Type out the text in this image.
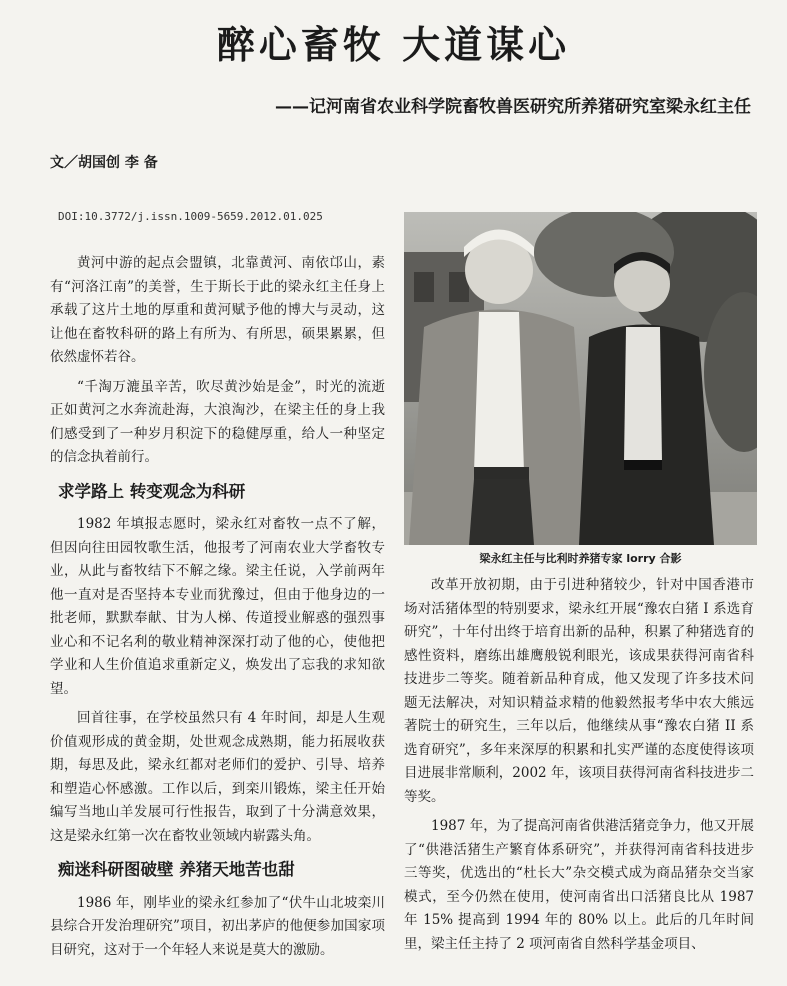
醉心畜牧 大道谋心
——记河南省农业科学院畜牧兽医研究所养猪研究室梁永红主任
文／胡国创 李 备
DOI:10.3772/j.issn.1009-5659.2012.01.025

黄河中游的起点会盟镇，北靠黄河、南依邙山，素有“河洛江南”的美誉，生于斯长于此的梁永红主任身上承载了这片土地的厚重和黄河赋予他的博大与灵动，这让他在畜牧科研的路上有所为、有所思，硕果累累，但依然虚怀若谷。

“千淘万漉虽辛苦，吹尽黄沙始是金”，时光的流逝正如黄河之水奔流赴海，大浪淘沙，在梁主任的身上我们感受到了一种岁月积淀下的稳健厚重，给人一种坚定的信念执着前行。

求学路上 转变观念为科研

1982 年填报志愿时，梁永红对畜牧一点不了解，但因向往田园牧歌生活，他报考了河南农业大学畜牧专业，从此与畜牧结下不解之缘。梁主任说，入学前两年他一直对是否坚持本专业而犹豫过，但由于他身边的一批老师，默默奉献、甘为人梯、传道授业解惑的强烈事业心和不记名利的敬业精神深深打动了他的心，使他把学业和人生价值追求重新定义，焕发出了忘我的求知欲望。

回首往事，在学校虽然只有 4 年时间，却是人生观价值观形成的黄金期，处世观念成熟期，能力拓展收获期，每思及此，梁永红都对老师们的爱护、引导、培养和塑造心怀感激。工作以后，到栾川锻炼，梁主任开始编写当地山羊发展可行性报告，取到了十分满意效果，这是梁永红第一次在畜牧业领域内崭露头角。

痴迷科研图破壁 养猪天地苦也甜

1986 年，刚毕业的梁永红参加了“伏牛山北坡栾川县综合开发治理研究”项目，初出茅庐的他便参加国家项目研究，这对于一个年轻人来说是莫大的激励。

梁永红主任与比利时养猪专家 lorry 合影

改革开放初期，由于引进种猪较少，针对中国香港市场对活猪体型的特别要求，梁永红开展“豫农白猪 I 系选育研究”，十年付出终于培育出新的品种，积累了种猪选育的感性资料，磨练出雄鹰般锐利眼光，该成果获得河南省科技进步二等奖。随着新品种育成，他又发现了许多技术问题无法解决，对知识精益求精的他毅然报考华中农大熊远著院士的研究生，三年以后，他继续从事“豫农白猪 II 系选育研究”，多年来深厚的积累和扎实严谨的态度使得该项目进展非常顺利，2002 年，该项目获得河南省科技进步二等奖。

1987 年，为了提高河南省供港活猪竞争力，他又开展了“供港活猪生产繁育体系研究”，并获得河南省科技进步三等奖，优选出的“杜长大”杂交模式成为商品猪杂交当家模式，至今仍然在使用，使河南省出口活猪良比从 1987 年 15% 提高到 1994 年的 80% 以上。此后的几年时间里，梁主任主持了 2 项河南省自然科学基金项目、
